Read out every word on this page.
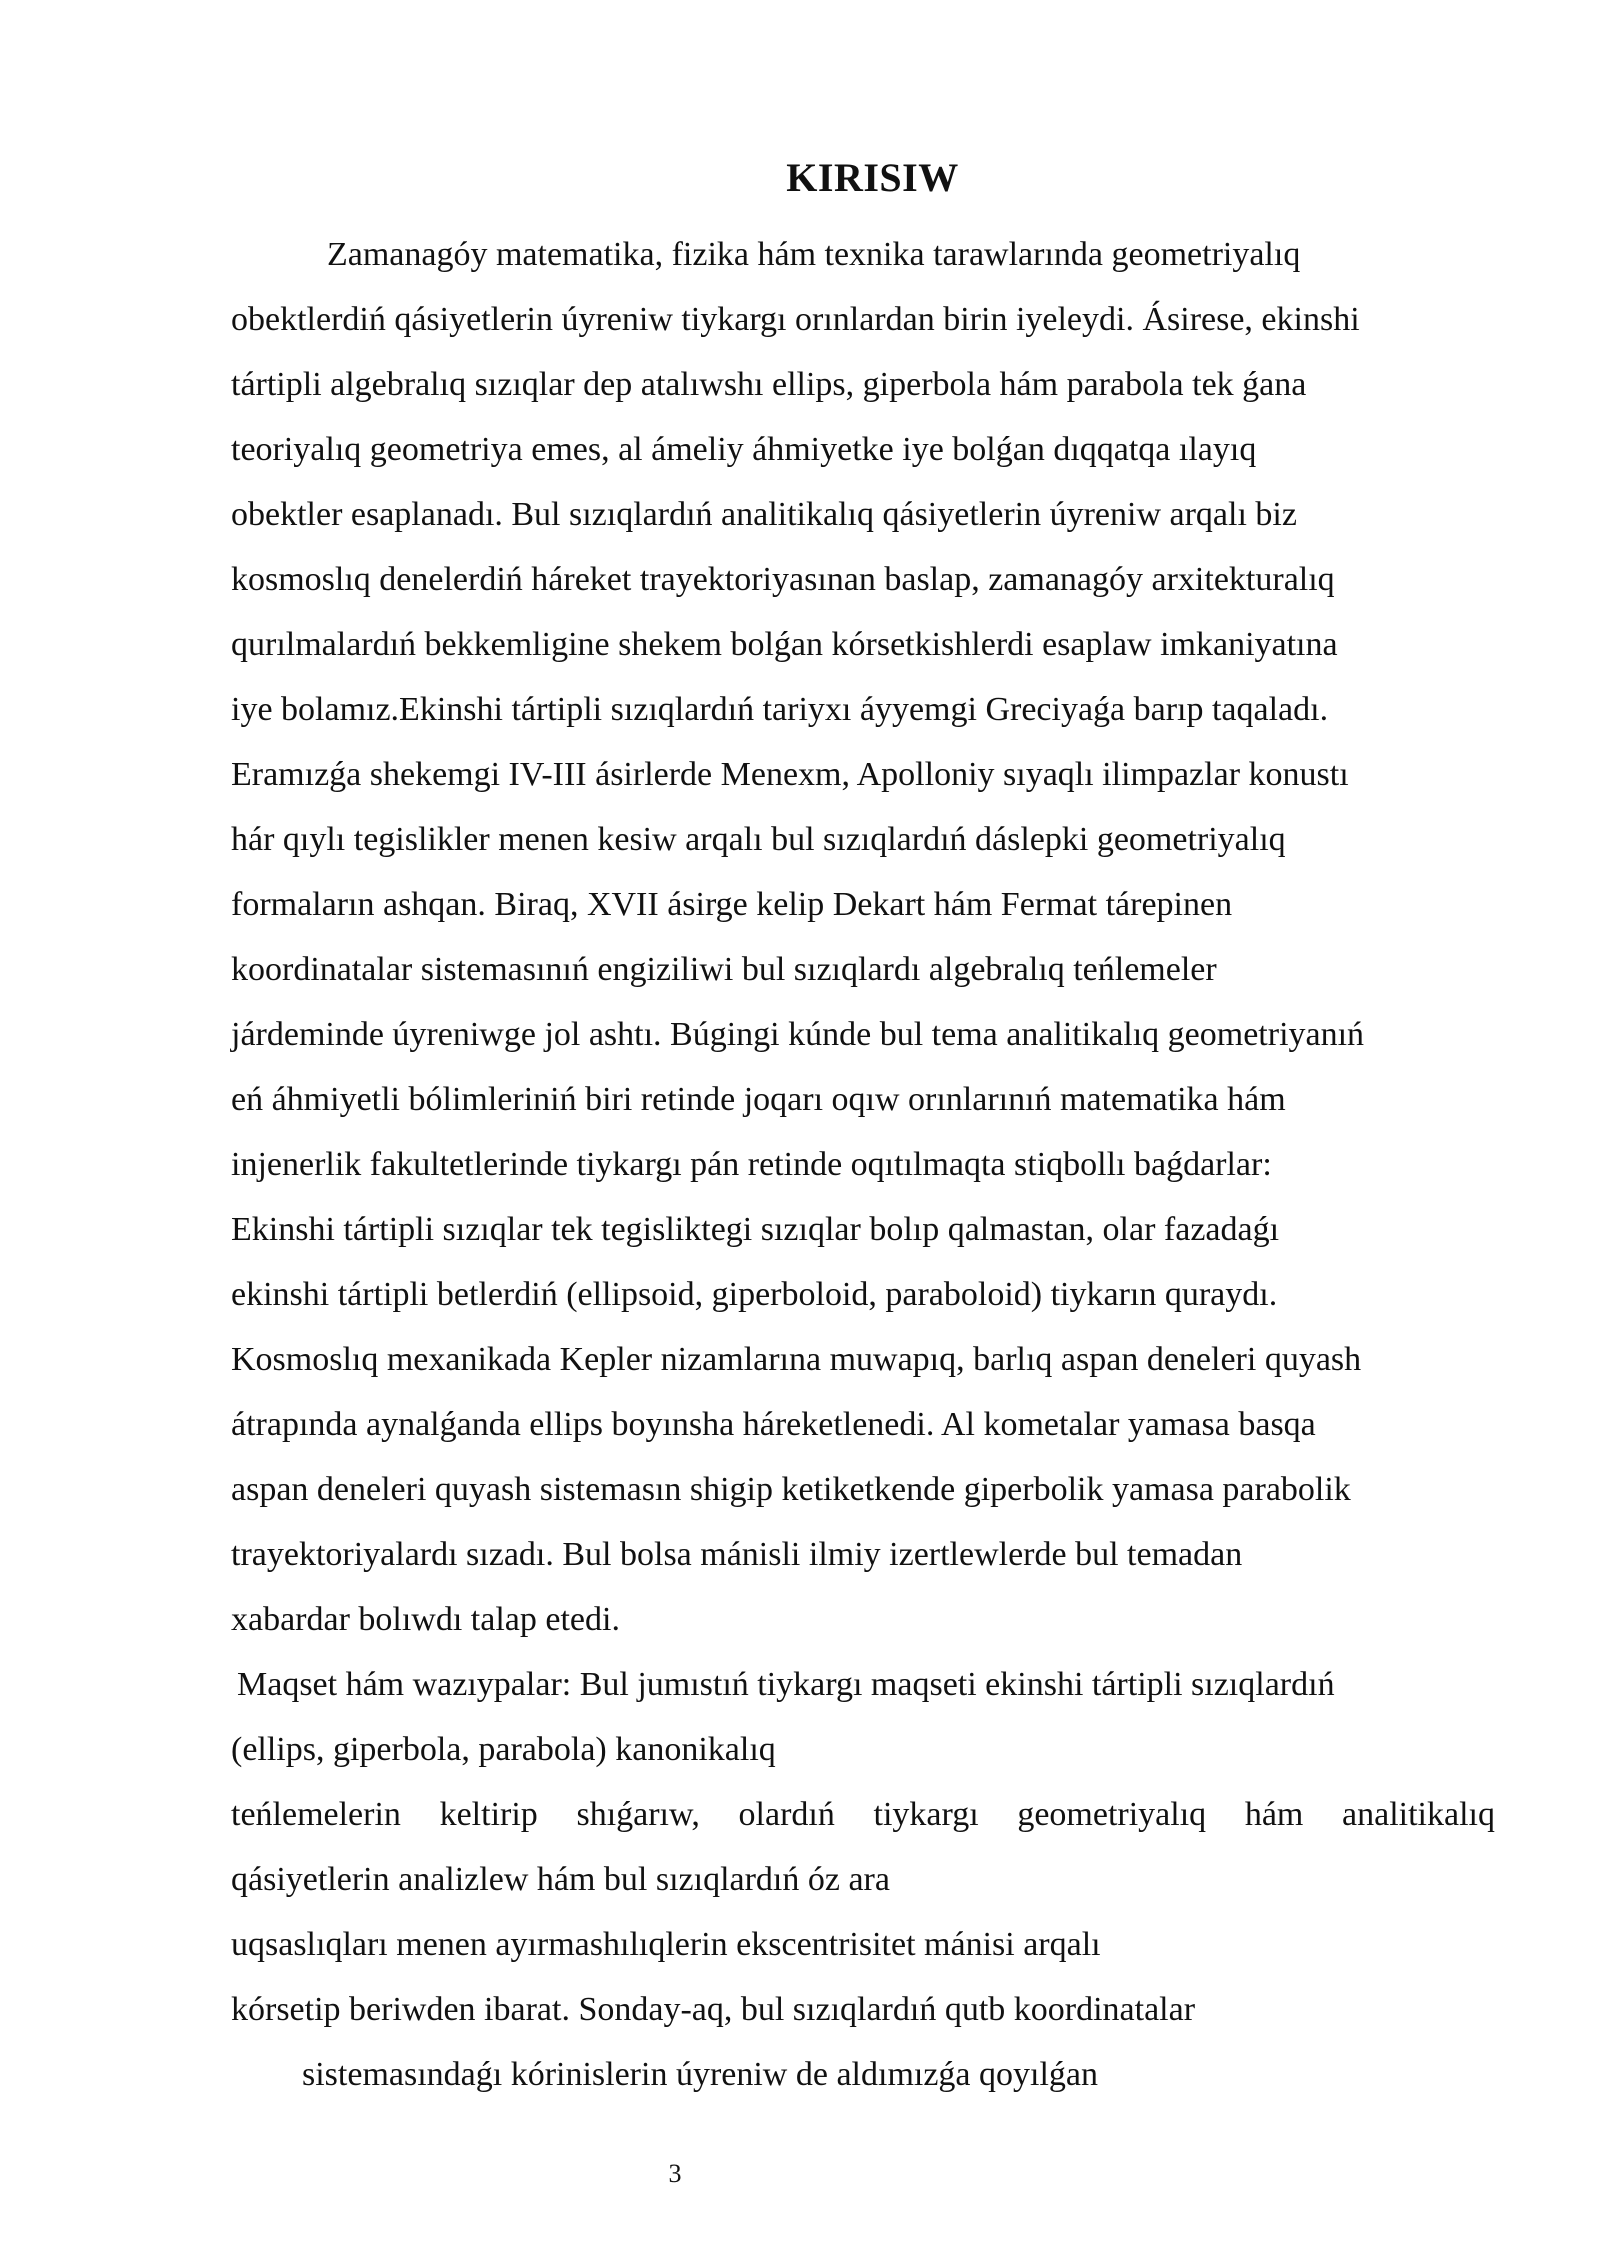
KIRISIW
Zamanagóy matematika, fizika hám texnika tarawlarında geometriyalıq
obektlerdiń qásiyetlerin úyreniw tiykargı orınlardan birin iyeleydi. Ásirese, ekinshi
tártipli algebralıq sızıqlar dep atalıwshı ellips, giperbola hám parabola tek ǵana
teoriyalıq geometriya emes, al ámeliy áhmiyetke iye bolǵan dıqqatqa ılayıq
obektler esaplanadı. Bul sızıqlardıń analitikalıq qásiyetlerin úyreniw arqalı biz
kosmoslıq denelerdiń háreket trayektoriyasınan baslap, zamanagóy arxitekturalıq
qurılmalardıń bekkemligine shekem bolǵan kórsetkishlerdi esaplaw imkaniyatına
iye bolamız.Ekinshi tártipli sızıqlardıń tariyxı áyyemgi Greciyaǵa barıp taqaladı.
Eramızǵa shekemgi IV-III ásirlerde Menexm, Apolloniy sıyaqlı ilimpazlar konustı
hár qıylı tegislikler menen kesiw arqalı bul sızıqlardıń dáslepki geometriyalıq
formaların ashqan. Biraq, XVII ásirge kelip Dekart hám Fermat tárepinen
koordinatalar sistemasınıń engiziliwi bul sızıqlardı algebralıq teńlemeler
járdeminde úyreniwge jol ashtı. Búgingi kúnde bul tema analitikalıq geometriyanıń
eń áhmiyetli bólimleriniń biri retinde joqarı oqıw orınlarınıń matematika hám
injenerlik fakultetlerinde tiykargı pán retinde oqıtılmaqta stiqbollı baǵdarlar:
Ekinshi tártipli sızıqlar tek tegisliktegi sızıqlar bolıp qalmastan, olar fazadaǵı
ekinshi tártipli betlerdiń (ellipsoid, giperboloid, paraboloid) tiykarın quraydı.
Kosmoslıq mexanikada Kepler nizamlarına muwapıq, barlıq aspan deneleri quyash
átrapında aynalǵanda ellips boyınsha háreketlenedi. Al kometalar yamasa basqa
aspan deneleri quyash sistemasın shigip ketiketkende giperbolik yamasa parabolik
trayektoriyalardı sızadı. Bul bolsa mánisli ilmiy izertlewlerde bul temadan
xabardar bolıwdı talap etedi.
Maqset hám wazıypalar: Bul jumıstıń tiykargı maqseti ekinshi tártipli sızıqlardıń
(ellips, giperbola, parabola) kanonikalıq
teńlemelerin keltirip shıǵarıw, olardıń tiykargı geometriyalıq hám analitikalıq
qásiyetlerin analizlew hám bul sızıqlardıń óz ara
uqsaslıqları menen ayırmashılıqlerin ekscentrisitet mánisi arqalı
kórsetip beriwden ibarat. Sonday-aq, bul sızıqlardıń qutb koordinatalar
sistemasındaǵı kórinislerin úyreniw de aldımızǵa qoyılǵan
3
